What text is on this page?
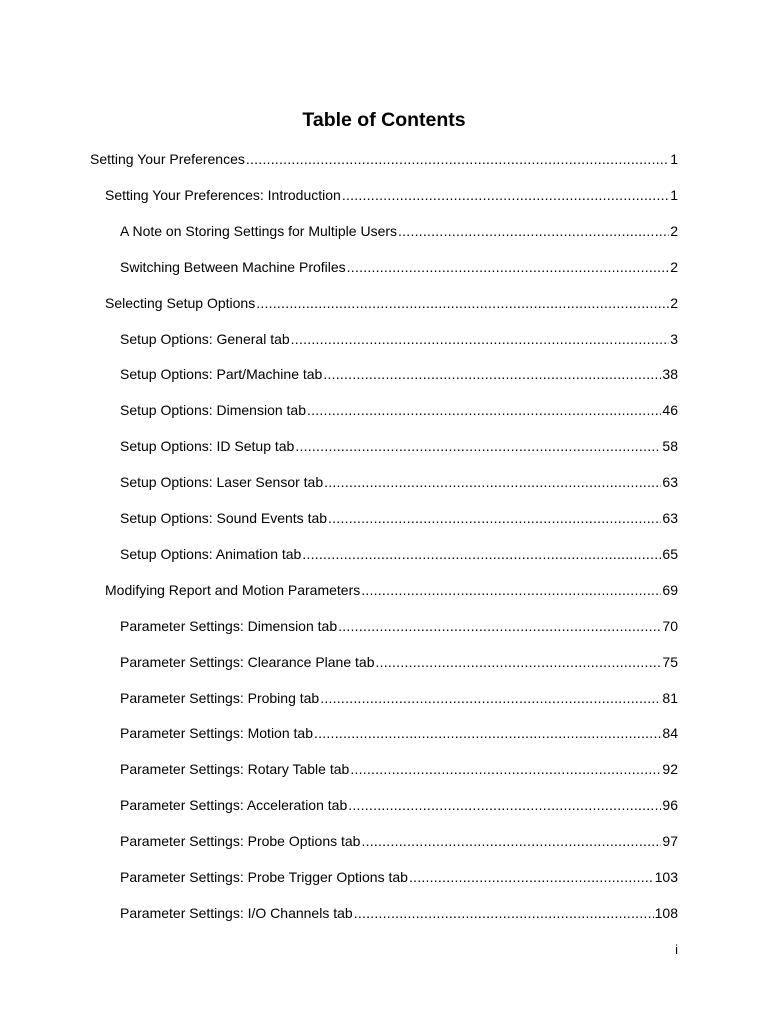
Table of Contents
Setting Your Preferences .....	1
Setting Your Preferences: Introduction .....	1
A Note on Storing Settings for Multiple Users .....	2
Switching Between Machine Profiles .....	2
Selecting Setup Options .....	2
Setup Options: General tab .....	3
Setup Options: Part/Machine tab .....	38
Setup Options: Dimension tab .....	46
Setup Options: ID Setup tab .....	58
Setup Options: Laser Sensor tab .....	63
Setup Options: Sound Events tab .....	63
Setup Options: Animation tab .....	65
Modifying Report and Motion Parameters .....	69
Parameter Settings: Dimension tab .....	70
Parameter Settings: Clearance Plane tab .....	75
Parameter Settings: Probing tab .....	81
Parameter Settings: Motion tab .....	84
Parameter Settings: Rotary Table tab .....	92
Parameter Settings: Acceleration tab .....	96
Parameter Settings: Probe Options tab .....	97
Parameter Settings: Probe Trigger Options tab .....	103
Parameter Settings: I/O Channels tab .....	108
i
